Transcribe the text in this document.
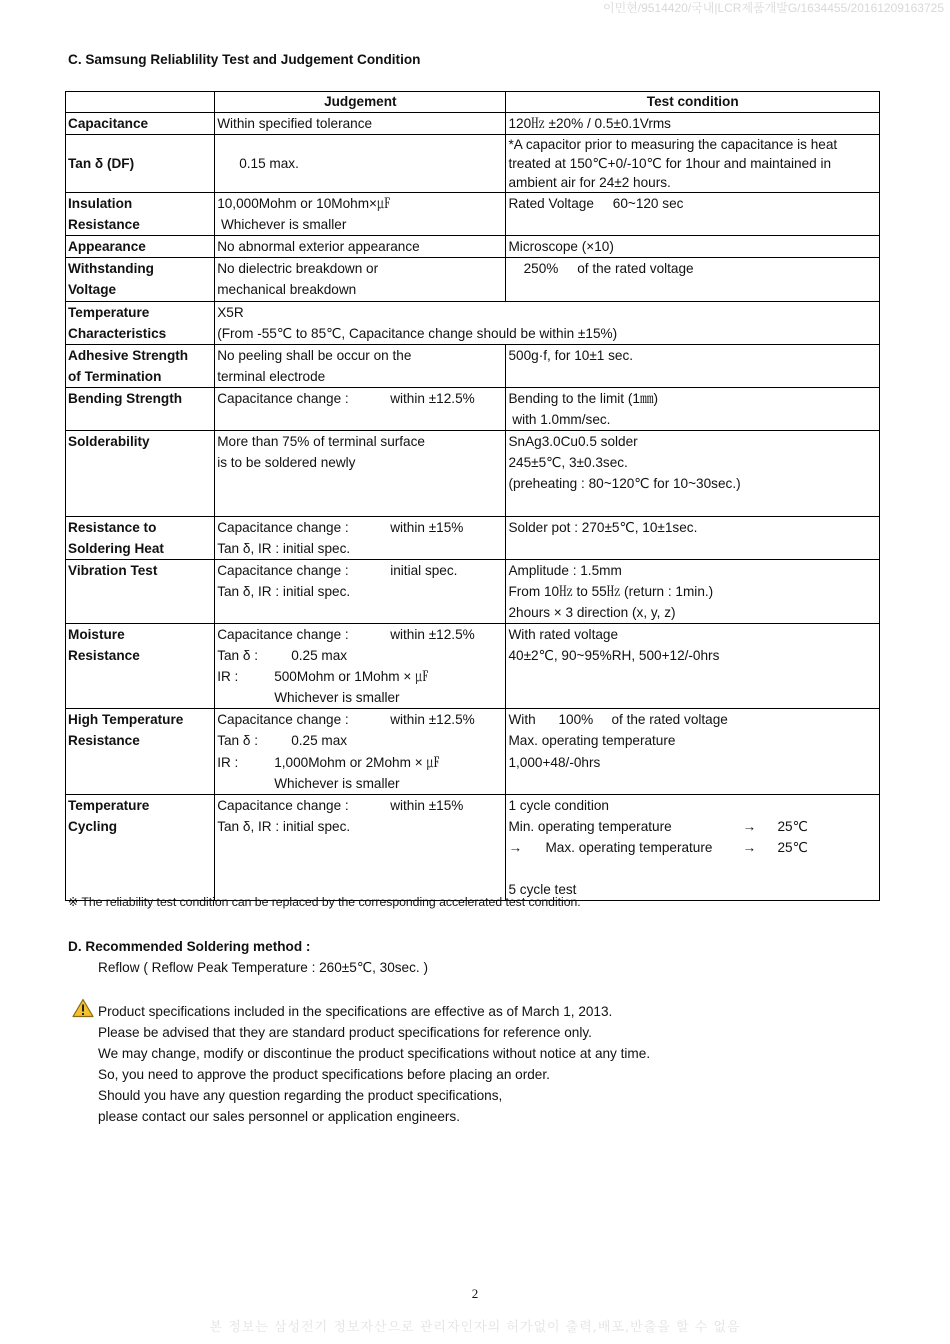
이민현/9514420/국내|LCR제품개발G/1634455/20161209163725
C. Samsung Reliablility Test and Judgement Condition
	Judgement	Test condition

Capacitance	Within specified tolerance	120㎐ ±20% / 0.5±0.1Vrms

Tan δ (DF)	0.15 max.	*A capacitor prior to measuring the capacitance is heat
treated at 150℃+0/-10℃ for 1hour and maintained in
ambient air for 24±2 hours.

Insulation
Resistance	10,000Mohm or 10Mohm×㎌
Whichever is smaller	Rated Voltage     60~120 sec

Appearance	No abnormal exterior appearance	Microscope (×10)

Withstanding
Voltage	No dielectric breakdown or
mechanical breakdown	250%     of the rated voltage

Temperature
Characteristics	X5R
(From -55℃ to 85℃, Capacitance change should be within ±15%)	

Adhesive Strength
of Termination	No peeling shall be occur on the
terminal electrode	500g·f, for 10±1 sec.

Bending Strength	Capacitance change : within ±12.5%	Bending to the limit (1㎜)
with 1.0mm/sec.

Solderability	More than 75% of terminal surface
is to be soldered newly	SnAg3.0Cu0.5 solder
245±5℃, 3±0.3sec.
(preheating : 80~120℃ for 10~30sec.)

Resistance to
Soldering Heat	Capacitance change : within ±15%
Tan δ, IR : initial spec.	Solder pot : 270±5℃, 10±1sec.

Vibration Test	Capacitance change : initial spec.
Tan δ, IR : initial spec.	Amplitude : 1.5mm
From 10㎐ to 55㎐ (return : 1min.)
2hours × 3 direction (x, y, z)

Moisture
Resistance	Capacitance change : within ±12.5%
Tan δ : 0.25 max
IR : 500Mohm or 1Mohm × ㎌
Whichever is smaller	With rated voltage
40±2℃, 90~95%RH, 500+12/-0hrs

High Temperature
Resistance	Capacitance change : within ±12.5%
Tan δ : 0.25 max
IR : 1,000Mohm or 2Mohm × ㎌
Whichever is smaller	With 100% of the rated voltage
Max. operating temperature
1,000+48/-0hrs

Temperature
Cycling	Capacitance change : within ±15%
Tan δ, IR : initial spec.	1 cycle condition
Min. operating temperature → 25℃
→ Max. operating temperature → 25℃
5 cycle test
※ The reliability test condition can be replaced by the corresponding accelerated test condition.
D. Recommended Soldering method :
Reflow ( Reflow Peak Temperature : 260±5℃, 30sec. )
Product specifications included in the specifications are effective as of March 1, 2013.
Please be advised that they are standard product specifications for reference only.
We may change, modify or discontinue the product specifications without notice at any time.
So, you need to approve the product specifications before placing an order.
Should you have any question regarding the product specifications,
please contact our sales personnel or application engineers.
2
본 정보는 삼성전기 정보자산으로 관리자인자의 허가없이 출력,배포,반출을 할 수 없음
